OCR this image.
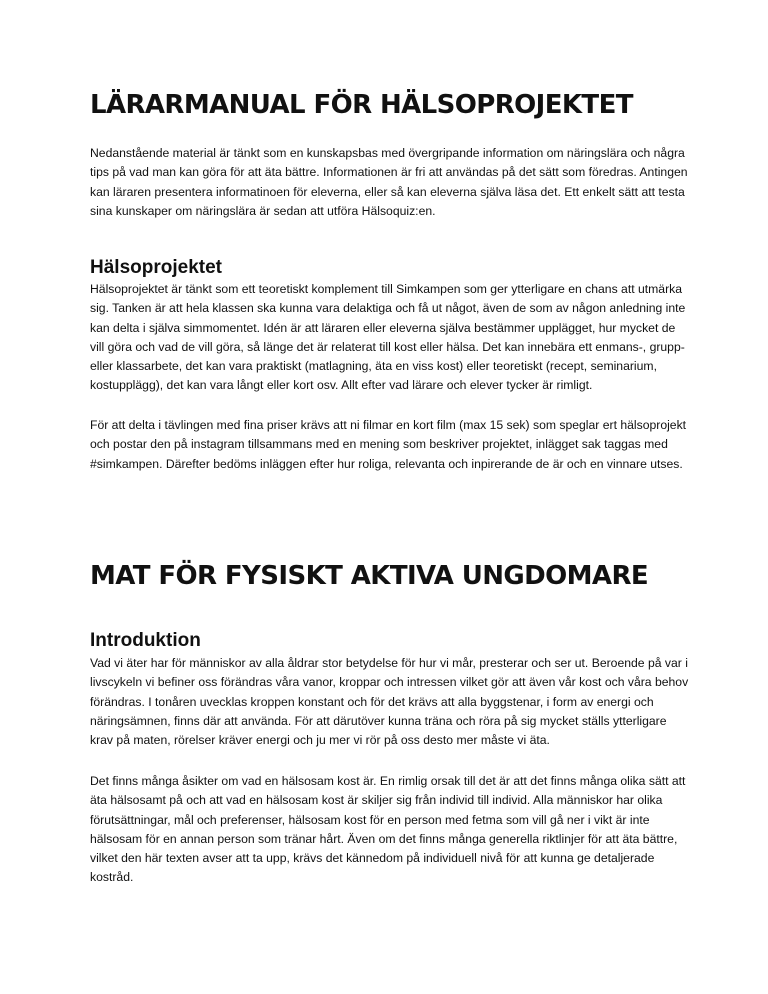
LÄRARMANUAL FÖR HÄLSOPROJEKTET

Nedanstående material är tänkt som en kunskapsbas med övergripande information om näringslära och några tips på vad man kan göra för att äta bättre. Informationen är fri att användas på det sätt som föredras. Antingen kan läraren presentera informatinoen för eleverna, eller så kan eleverna själva läsa det. Ett enkelt sätt att testa sina kunskaper om näringslära är sedan att utföra Hälsoquiz:en.

Hälsoprojektet

Hälsoprojektet är tänkt som ett teoretiskt komplement till Simkampen som ger ytterligare en chans att utmärka sig. Tanken är att hela klassen ska kunna vara delaktiga och få ut något, även de som av någon anledning inte kan delta i själva simmomentet. Idén är att läraren eller eleverna själva bestämmer upplägget, hur mycket de vill göra och vad de vill göra, så länge det är relaterat till kost eller hälsa. Det kan innebära ett enmans-, grupp- eller klassarbete, det kan vara praktiskt (matlagning, äta en viss kost) eller teoretiskt (recept, seminarium, kostupplägg), det kan vara långt eller kort osv. Allt efter vad lärare och elever tycker är rimligt.

För att delta i tävlingen med fina priser krävs att ni filmar en kort film (max 15 sek) som speglar ert hälsoprojekt och postar den på instagram tillsammans med en mening som beskriver projektet, inlägget sak taggas med #simkampen. Därefter bedöms inläggen efter hur roliga, relevanta och inpirerande de är och en vinnare utses.

MAT FÖR FYSISKT AKTIVA UNGDOMARE
Introduktion

Vad vi äter har för människor av alla åldrar stor betydelse för hur vi mår, presterar och ser ut. Beroende på var i livscykeln vi befiner oss förändras våra vanor, kroppar och intressen vilket gör att även vår kost och våra behov förändras. I tonåren uvecklas kroppen konstant och för det krävs att alla byggstenar, i form av energi och näringsämnen, finns där att använda. För att därutöver kunna träna och röra på sig mycket ställs ytterligare krav på maten, rörelser kräver energi och ju mer vi rör på oss desto mer måste vi äta.

Det finns många åsikter om vad en hälsosam kost är. En rimlig orsak till det är att det finns många olika sätt att äta hälsosamt på och att vad en hälsosam kost är skiljer sig från individ till individ. Alla människor har olika förutsättningar, mål och preferenser, hälsosam kost för en person med fetma som vill gå ner i vikt är inte hälsosam för en annan person som tränar hårt. Även om det finns många generella riktlinjer för att äta bättre, vilket den här texten avser att ta upp, krävs det kännedom på individuell nivå för att kunna ge detaljerade kostråd.
